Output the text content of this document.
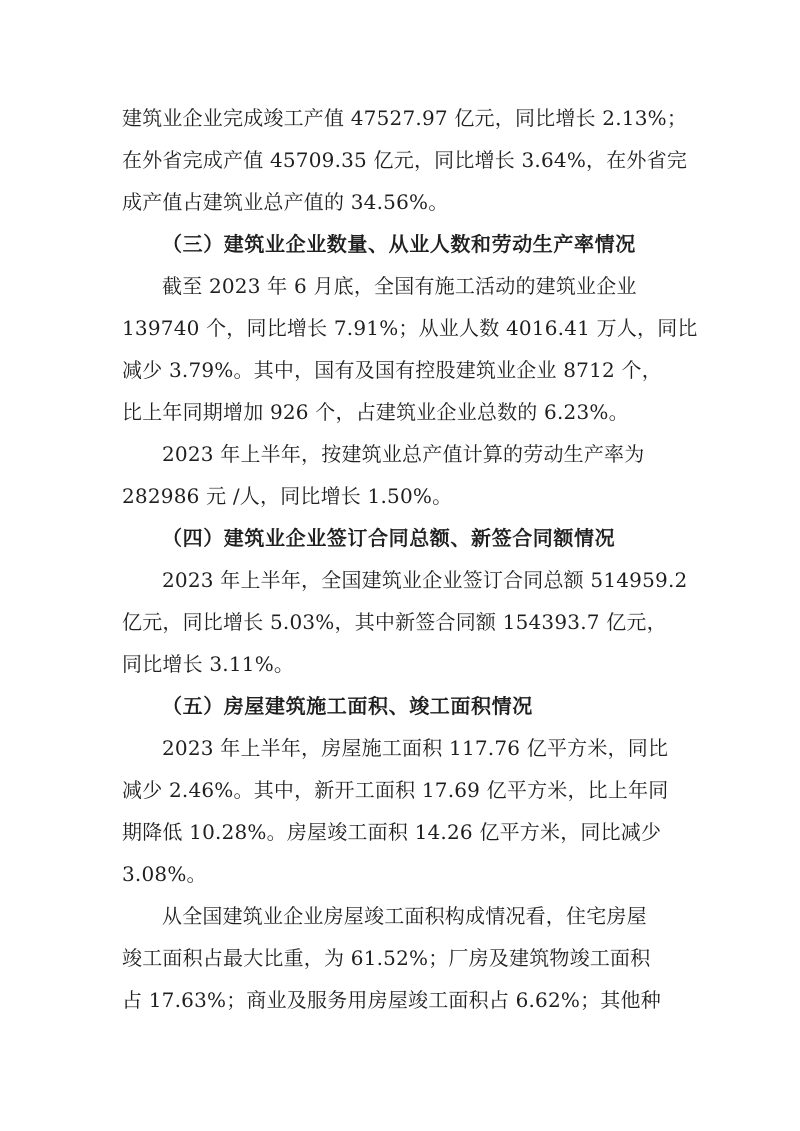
建筑业企业完成竣工产值 47527.97 亿元，同比增长 2.13%；
在外省完成产值 45709.35 亿元，同比增长 3.64%，在外省完
成产值占建筑业总产值的 34.56%。
（三）建筑业企业数量、从业人数和劳动生产率情况
截至 2023 年 6 月底，全国有施工活动的建筑业企业
139740 个，同比增长 7.91%；从业人数 4016.41 万人，同比
减少 3.79%。其中，国有及国有控股建筑业企业 8712 个，
比上年同期增加 926 个，占建筑业企业总数的 6.23%。
2023 年上半年，按建筑业总产值计算的劳动生产率为
282986 元 /人，同比增长 1.50%。
（四）建筑业企业签订合同总额、新签合同额情况
2023 年上半年，全国建筑业企业签订合同总额 514959.2
亿元，同比增长 5.03%，其中新签合同额 154393.7 亿元，
同比增长 3.11%。
（五）房屋建筑施工面积、竣工面积情况
2023 年上半年，房屋施工面积 117.76 亿平方米，同比
减少 2.46%。其中，新开工面积 17.69 亿平方米，比上年同
期降低 10.28%。房屋竣工面积 14.26 亿平方米，同比减少
3.08%。
从全国建筑业企业房屋竣工面积构成情况看，住宅房屋
竣工面积占最大比重，为 61.52%；厂房及建筑物竣工面积
占 17.63%；商业及服务用房屋竣工面积占 6.62%；其他种
